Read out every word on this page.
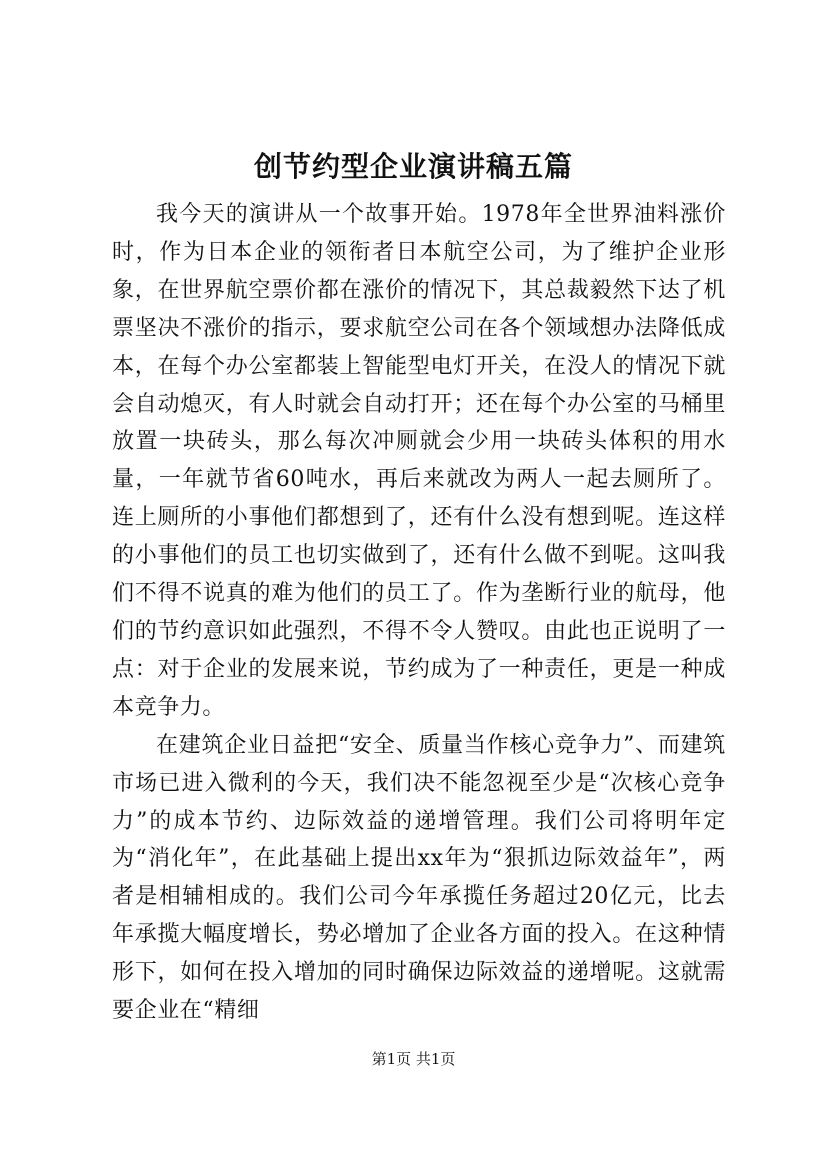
创节约型企业演讲稿五篇

我今天的演讲从一个故事开始。1978年全世界油料涨价时，作为日本企业的领衔者日本航空公司，为了维护企业形象，在世界航空票价都在涨价的情况下，其总裁毅然下达了机票坚决不涨价的指示，要求航空公司在各个领域想办法降低成本，在每个办公室都装上智能型电灯开关，在没人的情况下就会自动熄灭，有人时就会自动打开；还在每个办公室的马桶里放置一块砖头，那么每次冲厕就会少用一块砖头体积的用水量，一年就节省60吨水，再后来就改为两人一起去厕所了。连上厕所的小事他们都想到了，还有什么没有想到呢。连这样的小事他们的员工也切实做到了，还有什么做不到呢。这叫我们不得不说真的难为他们的员工了。作为垄断行业的航母，他们的节约意识如此强烈，不得不令人赞叹。由此也正说明了一点：对于企业的发展来说，节约成为了一种责任，更是一种成本竞争力。

在建筑企业日益把“安全、质量当作核心竞争力”、而建筑市场已进入微利的今天，我们决不能忽视至少是“次核心竞争力”的成本节约、边际效益的递增管理。我们公司将明年定为“消化年”，在此基础上提出xx年为“狠抓边际效益年”，两者是相辅相成的。我们公司今年承揽任务超过20亿元，比去年承揽大幅度增长，势必增加了企业各方面的投入。在这种情形下，如何在投入增加的同时确保边际效益的递增呢。这就需要企业在“精细

第1页 共1页
